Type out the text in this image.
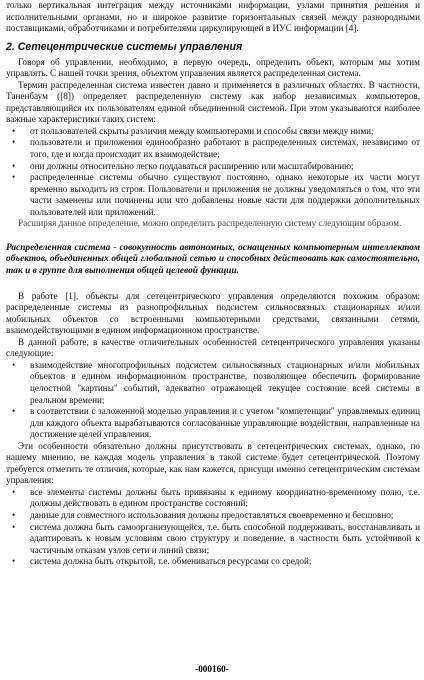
только вертикальная интеграция между источниками информации, узлами принятия решения и исполнительными органами, но и широкое развитие горизонтальных связей между разнородными поставщиками, обработчиками и потребителями циркулирующей в ИУС информации [4].

2. Сетецентрические системы управления

Говоря об управлении, необходимо, в первую очередь, определить объект, которым мы хотим управлять. С нашей точки зрения, объектом управления является распределенная система.

Термин распределенная система известен давно и применяется в различных областях. В частности, Таненбаум ([8]) определяет распределенную систему как набор независимых компьютеров, представляющийся их пользователям единой объединенной системой. При этом указываются наиболее важные характеристики таких систем:

• от пользователей скрыты различия между компьютерами и способы связи между ними;

• пользователи и приложения единообразно работают в распределенных системах, независимо от того, где и когда происходит их взаимодействие;

• они должны относительно легко поддаваться расширению или масштабированию;

• распределенные системы обычно существуют постоянно, однако некоторые их части могут временно выходить из строя. Пользователи и приложения не должны уведомляться о том, что эти части заменены или починены или что добавлены новые части для поддержки дополнительных пользователей или приложений.

Расширяя данное определение, можно определить распределенную систему следующим образом.

Распределенная система - совокупность автономных, оснащенных компьютерным интеллектом объектов, объединенных общей глобальной сетью и способных действовать как самостоятельно, так и в группе для выполнения общей целевой функции.

В работе [1], объекты для сетецентрического управления определяются похожим образом: распределенные системы из разнопрофильных подсистем сильносвязных стационарных и/или мобильных объектов со встроенными компьютерными средствами, связанными сетями, взаимодействующими в едином информационном пространстве.

В данной работе, в качестве отличительных особенностей сетецентрического управления указаны следующие:

• взаимодействие многопрофильных подсистем сильносвязных стационарных и/или мобильных объектов в едином информационном пространстве, позволяющее обеспечить формирование целостной "картины" событий, адекватно отражающей текущее состояние всей системы в реальном времени;

• в соответствии с заложенной моделью управления и с учетом "компетенции" управляемых единиц для каждого объекта вырабатываются согласованные управляющие воздействия, направленные на достижение целей управления.

Эти особенности обязательно должны присутствовать в сетецентрических системах, однако, по нашему мнению, не каждая модель управления в такой системе будет сетецентрической. Поэтому требуется отметить те отличия, которые, как нам кажется, присущи именно сетецентрическим системам управления:

• все элементы системы должны быть привязаны к единому координатно-временному полю, т.е. должны действовать в едином пространстве состояний;

• данные для совместного использования должны предоставляться своевременно и бесшовно;

• система должна быть самоорганизующейся, т.е. быть способной поддерживать, восстанавливать и адаптировать к новым условиям свою структуру и поведение, в частности быть устойчивой к частичным отказам узлов сети и линий связи;

• система должна быть открытой, т.е. обмениваться ресурсами со средой;

-000160-
